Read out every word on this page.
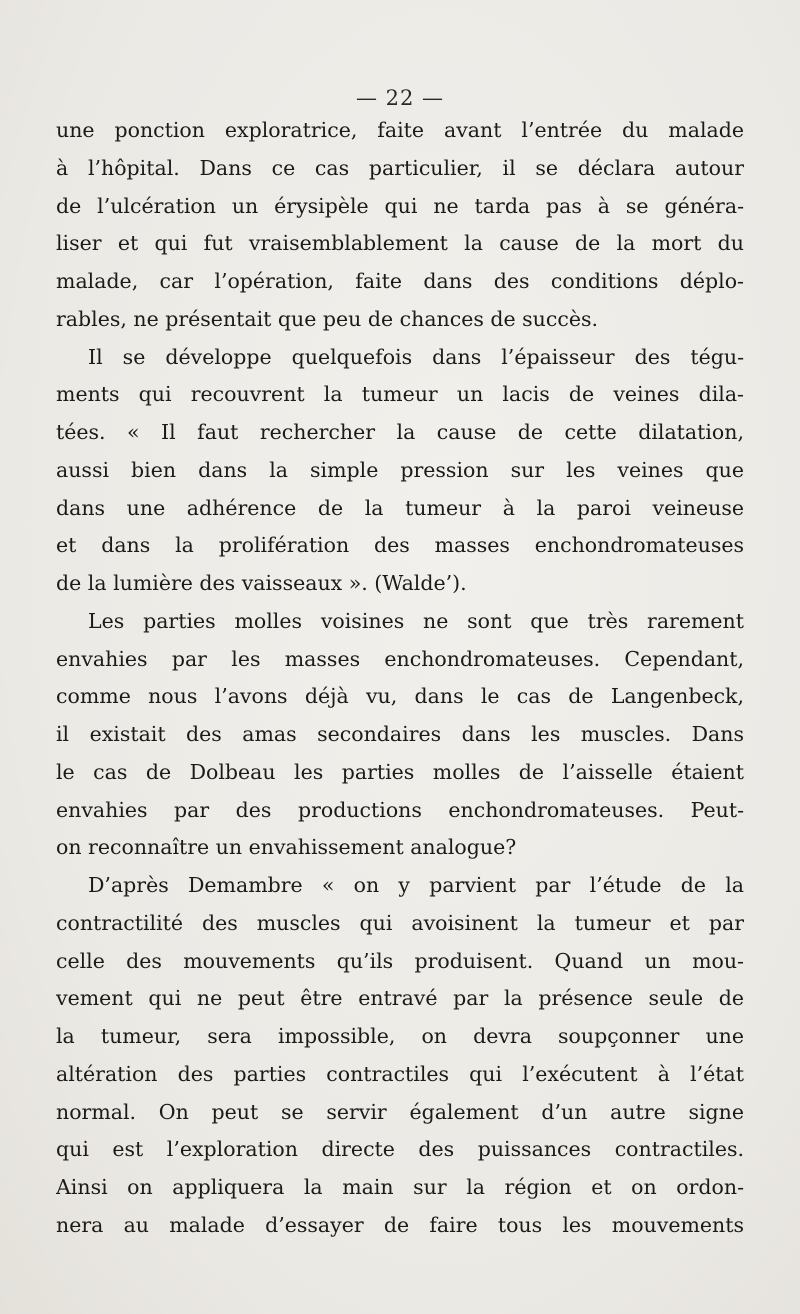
— 22 —
une ponction exploratrice, faite avant l’entrée du malade
à l’hôpital. Dans ce cas particulier, il se déclara autour
de l’ulcération un érysipèle qui ne tarda pas à se généra-
liser et qui fut vraisemblablement la cause de la mort du
malade, car l’opération, faite dans des conditions déplo-
rables, ne présentait que peu de chances de succès.
Il se développe quelquefois dans l’épaisseur des tégu-
ments qui recouvrent la tumeur un lacis de veines dila-
tées. « Il faut rechercher la cause de cette dilatation,
aussi bien dans la simple pression sur les veines que
dans une adhérence de la tumeur à la paroi veineuse
et dans la prolifération des masses enchondromateuses
de la lumière des vaisseaux ». (Walde’).
Les parties molles voisines ne sont que très rarement
envahies par les masses enchondromateuses. Cependant,
comme nous l’avons déjà vu, dans le cas de Langenbeck,
il existait des amas secondaires dans les muscles. Dans
le cas de Dolbeau les parties molles de l’aisselle étaient
envahies par des productions enchondromateuses. Peut-
on reconnaître un envahissement analogue?
D’après Demambre « on y parvient par l’étude de la
contractilité des muscles qui avoisinent la tumeur et par
celle des mouvements qu’ils produisent. Quand un mou-
vement qui ne peut être entravé par la présence seule de
la tumeur, sera impossible, on devra soupçonner une
altération des parties contractiles qui l’exécutent à l’état
normal. On peut se servir également d’un autre signe
qui est l’exploration directe des puissances contractiles.
Ainsi on appliquera la main sur la région et on ordon-
nera au malade d’essayer de faire tous les mouvements
